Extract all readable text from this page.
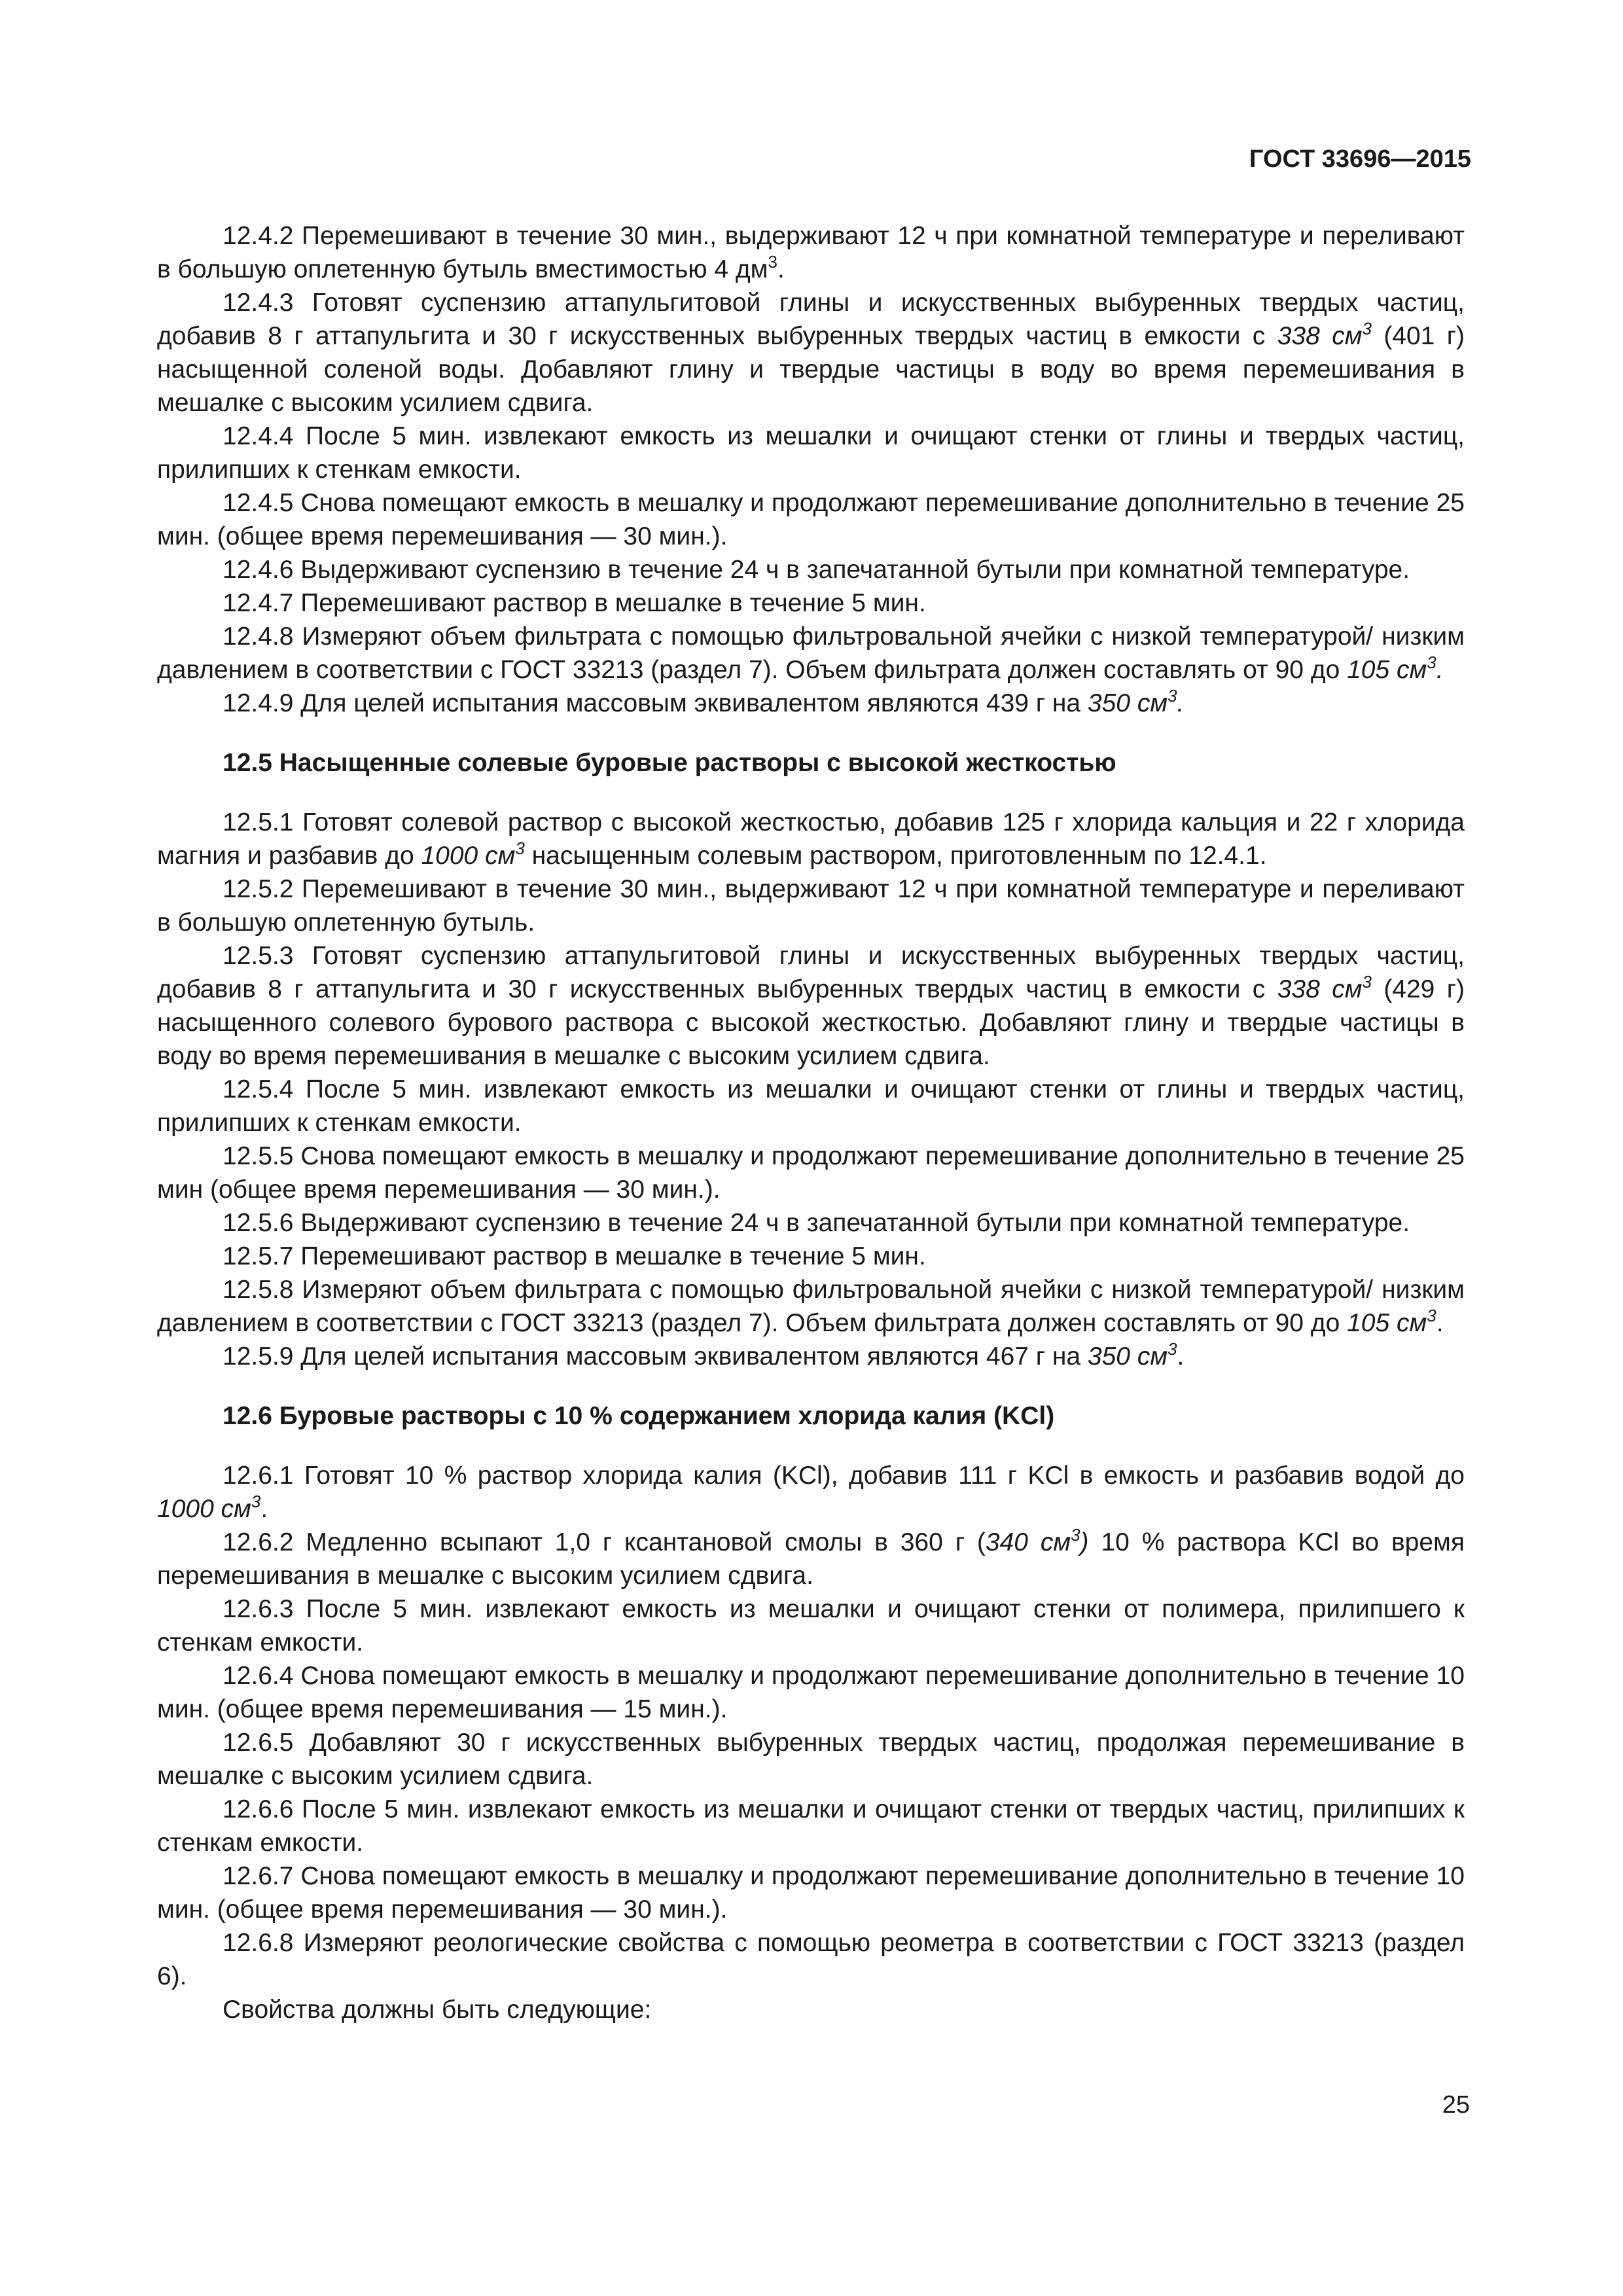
ГОСТ 33696—2015

12.4.2 Перемешивают в течение 30 мин., выдерживают 12 ч при комнатной температуре и переливают в большую оплетенную бутыль вместимостью 4 $дм^3$.

12.4.3 Готовят суспензию аттапульгитовой глины и искусственных выбуренных твердых частиц, добавив 8 г аттапульгита и 30 г искусственных выбуренных твердых частиц в емкости с 338 $см^3$ (401 г) насыщенной соленой воды. Добавляют глину и твердые частицы в воду во время перемешивания в мешалке с высоким усилием сдвига.

12.4.4 После 5 мин. извлекают емкость из мешалки и очищают стенки от глины и твердых частиц, прилипших к стенкам емкости.

12.4.5 Снова помещают емкость в мешалку и продолжают перемешивание дополнительно в течение 25 мин. (общее время перемешивания — 30 мин.).

12.4.6 Выдерживают суспензию в течение 24 ч в запечатанной бутыли при комнатной температуре.

12.4.7 Перемешивают раствор в мешалке в течение 5 мин.

12.4.8 Измеряют объем фильтрата с помощью фильтровальной ячейки с низкой температурой/ низким давлением в соответствии с ГОСТ 33213 (раздел 7). Объем фильтрата должен составлять от 90 до 105 $см^3$.

12.4.9 Для целей испытания массовым эквивалентом являются 439 г на 350 $см^3$.

12.5 Насыщенные солевые буровые растворы с высокой жесткостью

12.5.1 Готовят солевой раствор с высокой жесткостью, добавив 125 г хлорида кальция и 22 г хлорида магния и разбавив до 1000 $см^3$ насыщенным солевым раствором, приготовленным по 12.4.1.

12.5.2 Перемешивают в течение 30 мин., выдерживают 12 ч при комнатной температуре и переливают в большую оплетенную бутыль.

12.5.3 Готовят суспензию аттапульгитовой глины и искусственных выбуренных твердых частиц, добавив 8 г аттапульгита и 30 г искусственных выбуренных твердых частиц в емкости с 338 $см^3$ (429 г) насыщенного солевого бурового раствора с высокой жесткостью. Добавляют глину и твердые частицы в воду во время перемешивания в мешалке с высоким усилием сдвига.

12.5.4 После 5 мин. извлекают емкость из мешалки и очищают стенки от глины и твердых частиц, прилипших к стенкам емкости.

12.5.5 Снова помещают емкость в мешалку и продолжают перемешивание дополнительно в течение 25 мин (общее время перемешивания — 30 мин.).

12.5.6 Выдерживают суспензию в течение 24 ч в запечатанной бутыли при комнатной температуре.

12.5.7 Перемешивают раствор в мешалке в течение 5 мин.

12.5.8 Измеряют объем фильтрата с помощью фильтровальной ячейки с низкой температурой/ низким давлением в соответствии с ГОСТ 33213 (раздел 7). Объем фильтрата должен составлять от 90 до 105 $см^3$.

12.5.9 Для целей испытания массовым эквивалентом являются 467 г на 350 $см^3$.

12.6 Буровые растворы с 10 % содержанием хлорида калия (KCl)

12.6.1 Готовят 10 % раствор хлорида калия (KCl), добавив 111 г KCl в емкость и разбавив водой до 1000 $см^3$.

12.6.2 Медленно всыпают 1,0 г ксантановой смолы в 360 г (340 $см^3$) 10 % раствора KCl во время перемешивания в мешалке с высоким усилием сдвига.

12.6.3 После 5 мин. извлекают емкость из мешалки и очищают стенки от полимера, прилипшего к стенкам емкости.

12.6.4 Снова помещают емкость в мешалку и продолжают перемешивание дополнительно в течение 10 мин. (общее время перемешивания — 15 мин.).

12.6.5 Добавляют 30 г искусственных выбуренных твердых частиц, продолжая перемешивание в мешалке с высоким усилием сдвига.

12.6.6 После 5 мин. извлекают емкость из мешалки и очищают стенки от твердых частиц, прилипших к стенкам емкости.

12.6.7 Снова помещают емкость в мешалку и продолжают перемешивание дополнительно в течение 10 мин. (общее время перемешивания — 30 мин.).

12.6.8 Измеряют реологические свойства с помощью реометра в соответствии с ГОСТ 33213 (раздел 6).

Свойства должны быть следующие:

25
